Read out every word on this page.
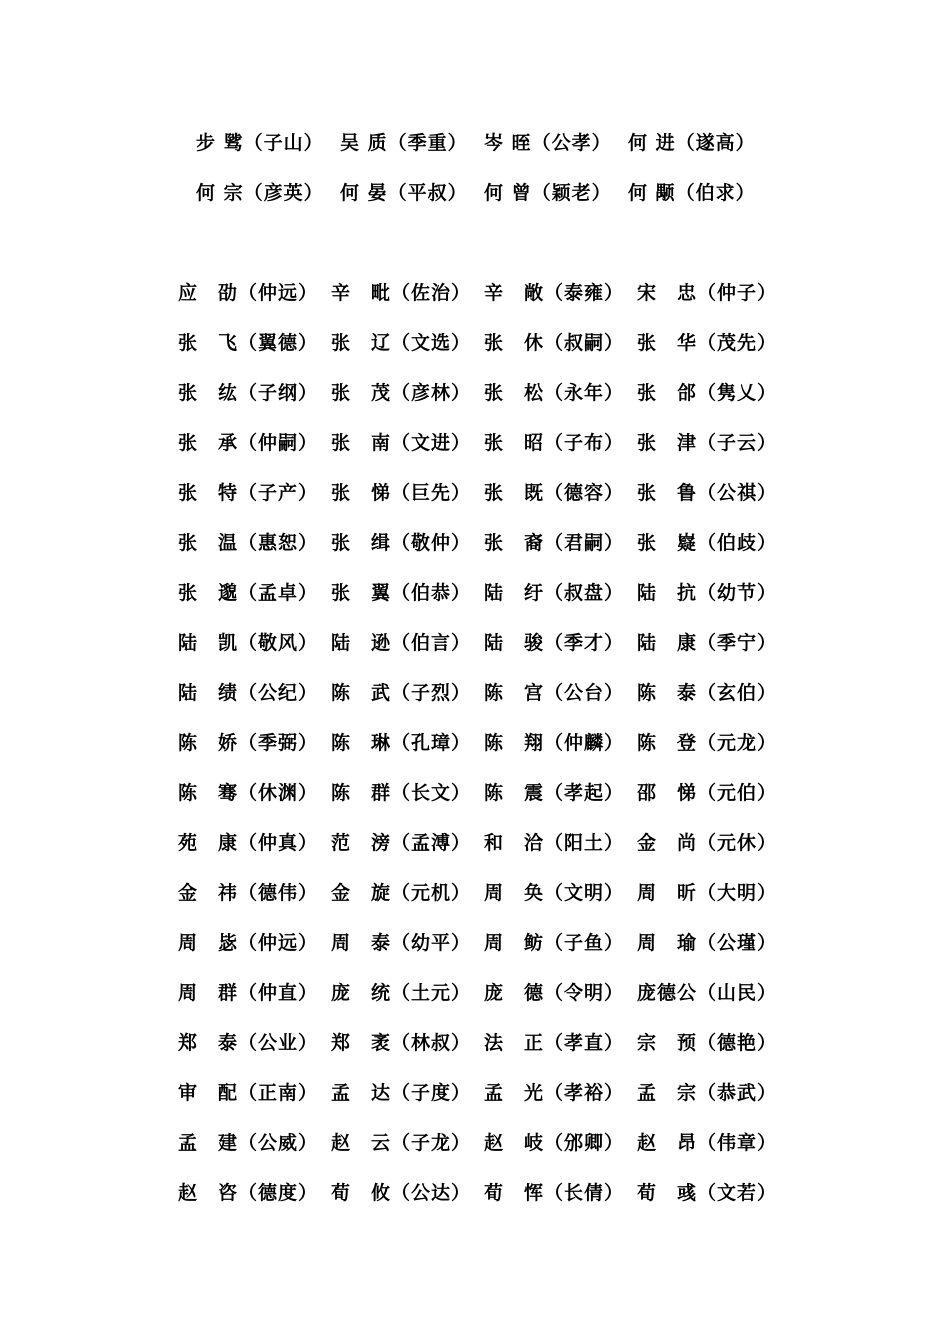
步 骘（子山） 吴 质（季重） 岑 晊（公孝） 何 进（遂高）
何 宗（彦英） 何 晏（平叔） 何 曾（颖老） 何 颙（伯求）
应　劭（仲远） 辛　毗（佐治） 辛　敞（泰雍） 宋　忠（仲子）
张　飞（翼德） 张　辽（文选） 张　休（叔嗣） 张　华（茂先）
张　纮（子纲） 张　茂（彦林） 张　松（永年） 张　郃（隽乂）
张　承（仲嗣） 张　南（文进） 张　昭（子布） 张　津（子云）
张　特（子产） 张　悌（巨先） 张　既（德容） 张　鲁（公祺）
张　温（惠恕） 张　缉（敬仲） 张　裔（君嗣） 张　嶷（伯歧）
张　邈（孟卓） 张　翼（伯恭） 陆　纡（叔盘） 陆　抗（幼节）
陆　凯（敬风） 陆　逊（伯言） 陆　骏（季才） 陆　康（季宁）
陆　绩（公纪） 陈　武（子烈） 陈　宫（公台） 陈　泰（玄伯）
陈　娇（季弼） 陈　琳（孔璋） 陈　翔（仲麟） 陈　登（元龙）
陈　骞（休渊） 陈　群（长文） 陈　震（孝起） 邵　悌（元伯）
苑　康（仲真） 范　滂（孟溥） 和　洽（阳土） 金　尚（元休）
金　祎（德伟） 金　旋（元机） 周　奂（文明） 周　昕（大明）
周　毖（仲远） 周　泰（幼平） 周　鲂（子鱼） 周　瑜（公瑾）
周　群（仲直） 庞　统（土元） 庞　德（令明） 庞德公（山民）
郑　泰（公业） 郑　袤（林叔） 法　正（孝直） 宗　预（德艳）
审　配（正南） 孟　达（子度） 孟　光（孝裕） 孟　宗（恭武）
孟　建（公威） 赵　云（子龙） 赵　岐（邠卿） 赵　昂（伟章）
赵　咨（德度） 荀　攸（公达） 荀　恽（长倩） 荀　彧（文若）
